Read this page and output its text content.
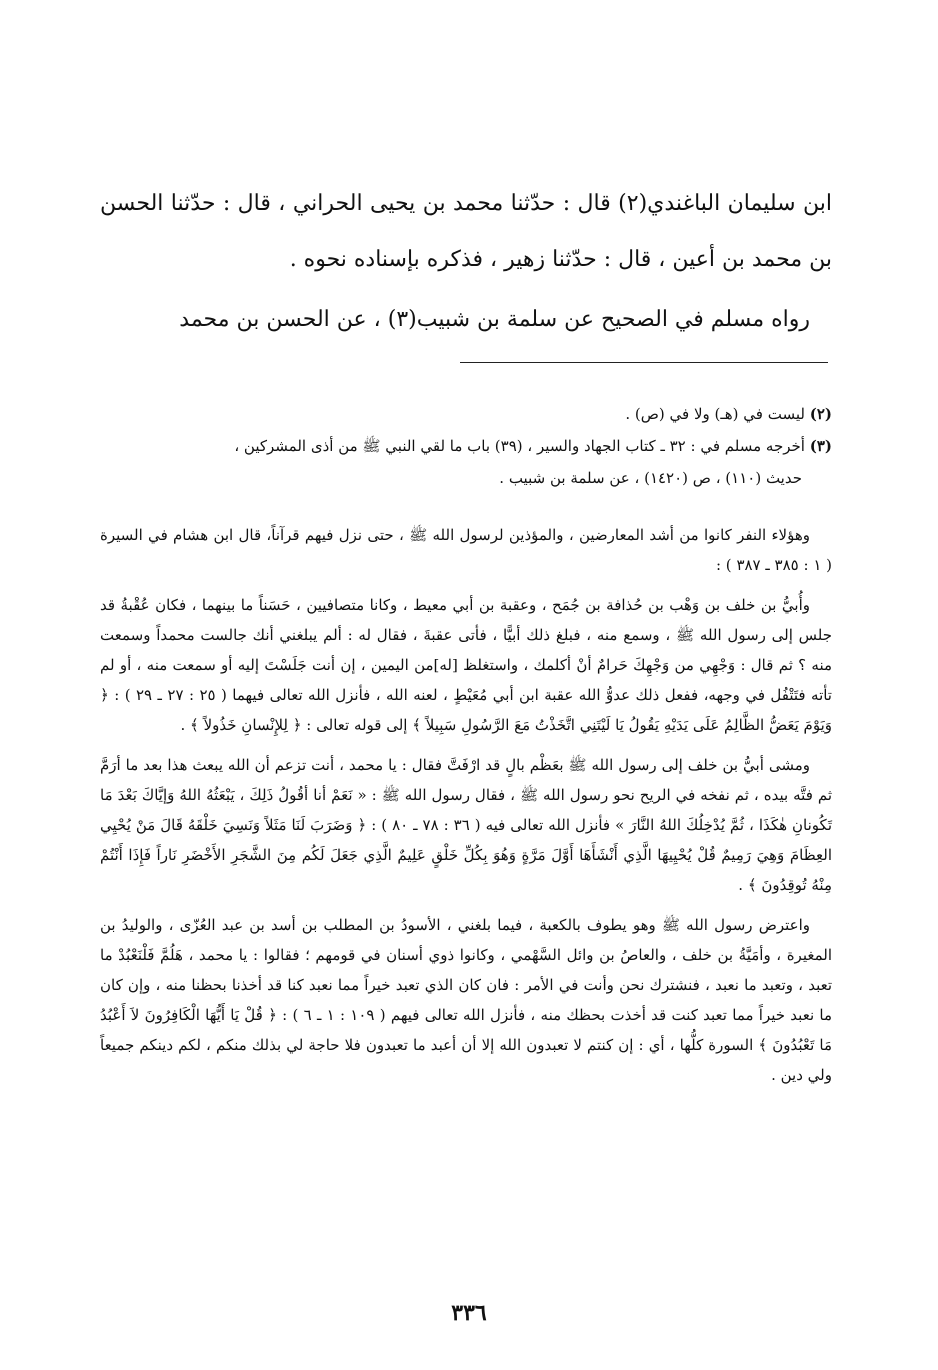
ابن سليمان الباغندي(٢) قال : حدّثنا محمد بن يحيى الحراني ، قال : حدّثنا الحسن بن محمد بن أعين ، قال : حدّثنا زهير ، فذكره بإسناده نحوه .

رواه مسلم في الصحيح عن سلمة بن شبيب(٣) ، عن الحسن بن محمد

(٢) ليست في (هـ) ولا في (ص) .

(٣) أخرجه مسلم في : ٣٢ ـ كتاب الجهاد والسير ، (٣٩) باب ما لقي النبي ﷺ من أذى المشركين ،

حديث (١١٠) ، ص (١٤٢٠) ، عن سلمة بن شبيب .

وهؤلاء النفر كانوا من أشد المعارضين ، والمؤذين لرسول الله ﷺ ، حتى نزل فيهم قرآناً، قال ابن هشام في السيرة ( ١ : ٣٨٥ ـ ٣٨٧ ) :

وأُبيُّ بن خلف بن وَهْب بن حُذافة بن جُمَح ، وعقبة بن أبي معيط ، وكانا متصافيين ، حَسَناً ما بينهما ، فكان عُقْبةُ قد جلس إلى رسول الله ﷺ ، وسمع منه ، فبلغ ذلك أبيًّا ، فأتى عقبةَ ، فقال له : ألم يبلغني أنك جالست محمداً وسمعت منه ؟ ثم قال : وَجْهِي من وَجْهِكَ حَرامٌ أنْ أكلمك ، واستغلظ [له]من اليمين ، إن أنت جَلَسْتَ إليه أو سمعت منه ، أو لم تأته فتَتْفُل في وجهه، ففعل ذلك عدوُّ الله عقبة ابن أبي مُعَيْطٍ ، لعنه الله ، فأنزل الله تعالى فيهما ( ٢٥ : ٢٧ ـ ٢٩ ) : ﴿ وَيَوْمَ يَعَضُّ الظَّالِمُ عَلَى يَدَيْهِ يَقُولُ يَا لَيْتَنِي اتَّخَذْتُ مَعَ الرَّسُولِ سَبِيلاً ﴾ إلى قوله تعالى : ﴿ لِلإِنْسانِ خَذُولاً ﴾ .

ومشى أبيُّ بن خلف إلى رسول الله ﷺ بعَظْم بالٍ قد ارْفَتَّ فقال : يا محمد ، أنت تزعم أن الله يبعث هذا بعد ما أرَمَّ ثم فتَّه بيده ، ثم نفخه في الريح نحو رسول الله ﷺ ، فقال رسول الله ﷺ : « نَعَمْ أنا أقُولُ ذَلِكَ ، يَبْعَثُهُ اللهُ وَإيَّاكَ بَعْدَ مَا تَكُونانِ هٰكَذَا ، ثُمَّ يُدْخِلُكَ اللهُ النَّارَ » فأنزل الله تعالى فيه ( ٣٦ : ٧٨ ـ ٨٠ ) : ﴿ وَضَرَبَ لَنَا مَثَلاً وَنَسِيَ خَلْقَهُ قَالَ مَنْ يُحْيِي العِظَامَ وَهِيَ رَمِيمٌ قُلْ يُحْيِيهَا الَّذِي أَنْشَأَهَا أَوَّلَ مَرَّةٍ وَهُوَ بِكُلِّ خَلْقٍ عَلِيمٌ الَّذِي جَعَلَ لَكُم مِنَ الشَّجَرِ الأَخْضَرِ نَاراً فَإِذَا أَنْتُمْ مِنْهُ تُوقِدُونَ ﴾ .

واعترض رسول الله ﷺ وهو يطوف بالكعبة ، فيما بلغني ، الأسودُ بن المطلب بن أسد بن عبد العُزّى ، والوليدُ بن المغيرة ، وأمَيَّةُ بن خلف ، والعاصُ بن وائل السَّهْمي ، وكانوا ذوي أسنان في قومهم ؛ فقالوا : يا محمد ، هَلُمَّ فَلْنَعْبُدْ ما تعبد ، وتعبد ما نعبد ، فنشترك نحن وأنت في الأمر : فان كان الذي تعبد خيراً مما نعبد كنا قد أخذنا بحظنا منه ، وإن كان ما نعبد خيراً مما تعبد كنت قد أخذت بحظك منه ، فأنزل الله تعالى فيهم ( ١٠٩ : ١ ـ ٦ ) : ﴿ قُلْ يَا أَيُّهَا الْكَافِرُونَ لاَ أَعْبُدُ مَا تَعْبُدُونَ ﴾ السورة كلُّها ، أي : إن كنتم لا تعبدون الله إلا أن أعبد ما تعبدون فلا حاجة لي بذلك منكم ، لكم دينكم جميعاً ولي دين .

٣٣٦
